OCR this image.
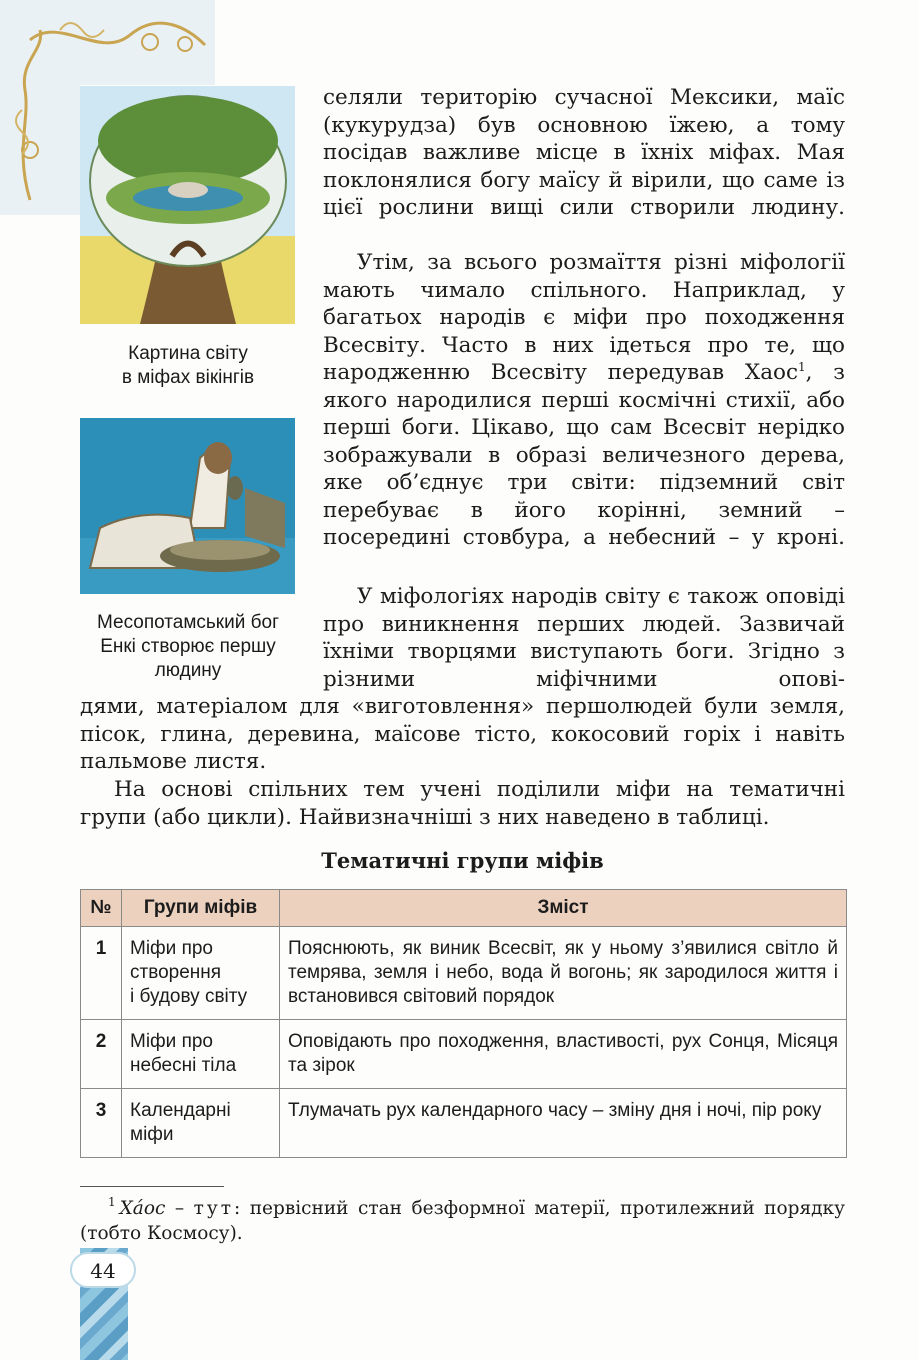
Картина світу
в міфах вікінгів
Месопотамський бог
Енкі створює першу
людину
селяли територію сучасної Мексики, маїс (кукурудза) був основною їжею, а тому посідав важливе місце в їхніх міфах. Мая поклонялися богу маїсу й вірили, що саме із цієї рослини вищі сили створили людину.
Утім, за всього розмаїття різні міфології мають чимало спільного. Наприклад, у багатьох народів є міфи про походження Всесвіту. Часто в них ідеться про те, що народженню Всесвіту передував Хаос$^1$, з якого народилися перші космічні стихії, або перші боги. Цікаво, що сам Всесвіт нерідко зображували в образі величезного дерева, яке об’єднує три світи: підземний світ перебуває в його корінні, земний – посередині стовбура, а небесний – у кроні.
У міфологіях народів світу є також оповіді про виникнення перших людей. Зазвичай їхніми творцями виступають боги. Згідно з різними міфічними опові-
дями, матеріалом для «виготовлення» першолюдей були земля, пісок, глина, деревина, маїсове тісто, кокосовий горіх і навіть пальмове листя.
На основі спільних тем учені поділили міфи на тематичні групи (або цикли). Найвизначніші з них наведено в таблиці.
Тематичні групи міфів
№	Групи міфів	Зміст
1	Міфи про
створення
і будову світу	Пояснюють, як виник Всесвіт, як у ньому з’явилися світло й темрява, земля і небо, вода й вогонь; як зародилося життя і встановився світовий порядок
2	Міфи про
небесні тіла	Оповідають про походження, властивості, рух Сонця, Місяця та зірок
3	Календарні
міфи	Тлумачать рух календарного часу – зміну дня і ночі, пір року
$^1$ Хáос – тут: первісний стан безформної матерії, протилежний порядку (тобто Космосу).
44
